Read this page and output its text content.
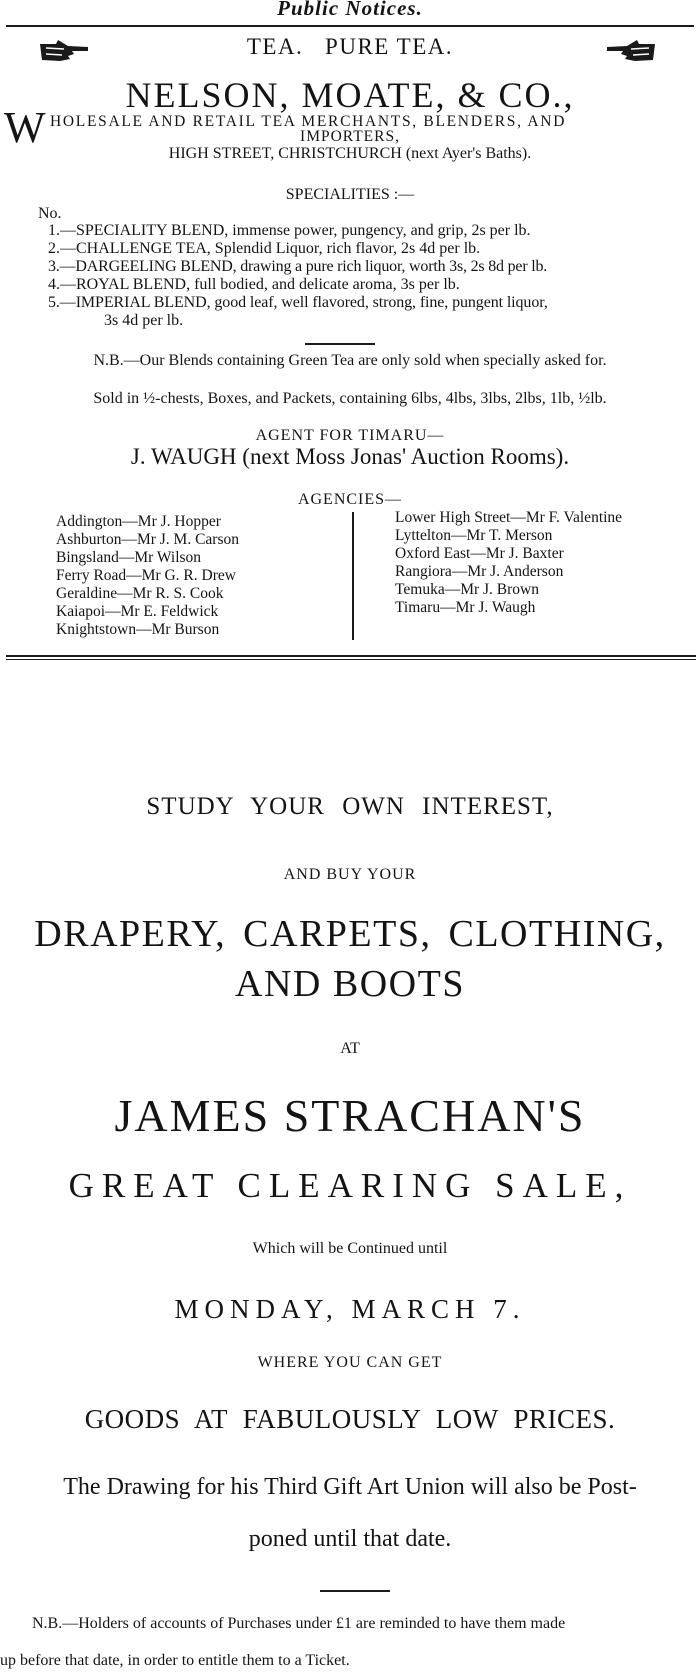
Public Notices.
TEA.   PURE TEA.
NELSON, MOATE, & CO.,
W HOLESALE AND RETAIL TEA MERCHANTS, BLENDERS, AND
IMPORTERS,
HIGH STREET, CHRISTCHURCH (next Ayer's Baths).
SPECIALITIES :—
No.
1.—SPECIALITY BLEND, immense power, pungency, and grip, 2s per lb.
2.—CHALLENGE TEA, Splendid Liquor, rich flavor, 2s 4d per lb.
3.—DARGEELING BLEND, drawing a pure rich liquor, worth 3s, 2s 8d per lb.
4.—ROYAL BLEND, full bodied, and delicate aroma, 3s per lb.
5.—IMPERIAL BLEND, good leaf, well flavored, strong, fine, pungent liquor,
3s 4d per lb.
N.B.—Our Blends containing Green Tea are only sold when specially asked for.
Sold in ½-chests, Boxes, and Packets, containing 6lbs, 4lbs, 3lbs, 2lbs, 1lb, ½lb.
AGENT FOR TIMARU—
J. WAUGH (next Moss Jonas' Auction Rooms).
AGENCIES—
Addington—Mr J. Hopper
Ashburton—Mr J. M. Carson
Bingsland—Mr Wilson
Ferry Road—Mr G. R. Drew
Geraldine—Mr R. S. Cook
Kaiapoi—Mr E. Feldwick
Knightstown—Mr Burson
Lower High Street—Mr F. Valentine
Lyttelton—Mr T. Merson
Oxford East—Mr J. Baxter
Rangiora—Mr J. Anderson
Temuka—Mr J. Brown
Timaru—Mr J. Waugh
STUDY YOUR OWN INTEREST,
AND BUY YOUR
DRAPERY, CARPETS, CLOTHING,
AND BOOTS
AT
JAMES STRACHAN'S
GREAT CLEARING SALE,
Which will be Continued until
MONDAY, MARCH 7.
WHERE YOU CAN GET
GOODS AT FABULOUSLY LOW PRICES.
The Drawing for his Third Gift Art Union will also be Post-
poned until that date.
N.B.—Holders of accounts of Purchases under £1 are reminded to have them made
up before that date, in order to entitle them to a Ticket.
